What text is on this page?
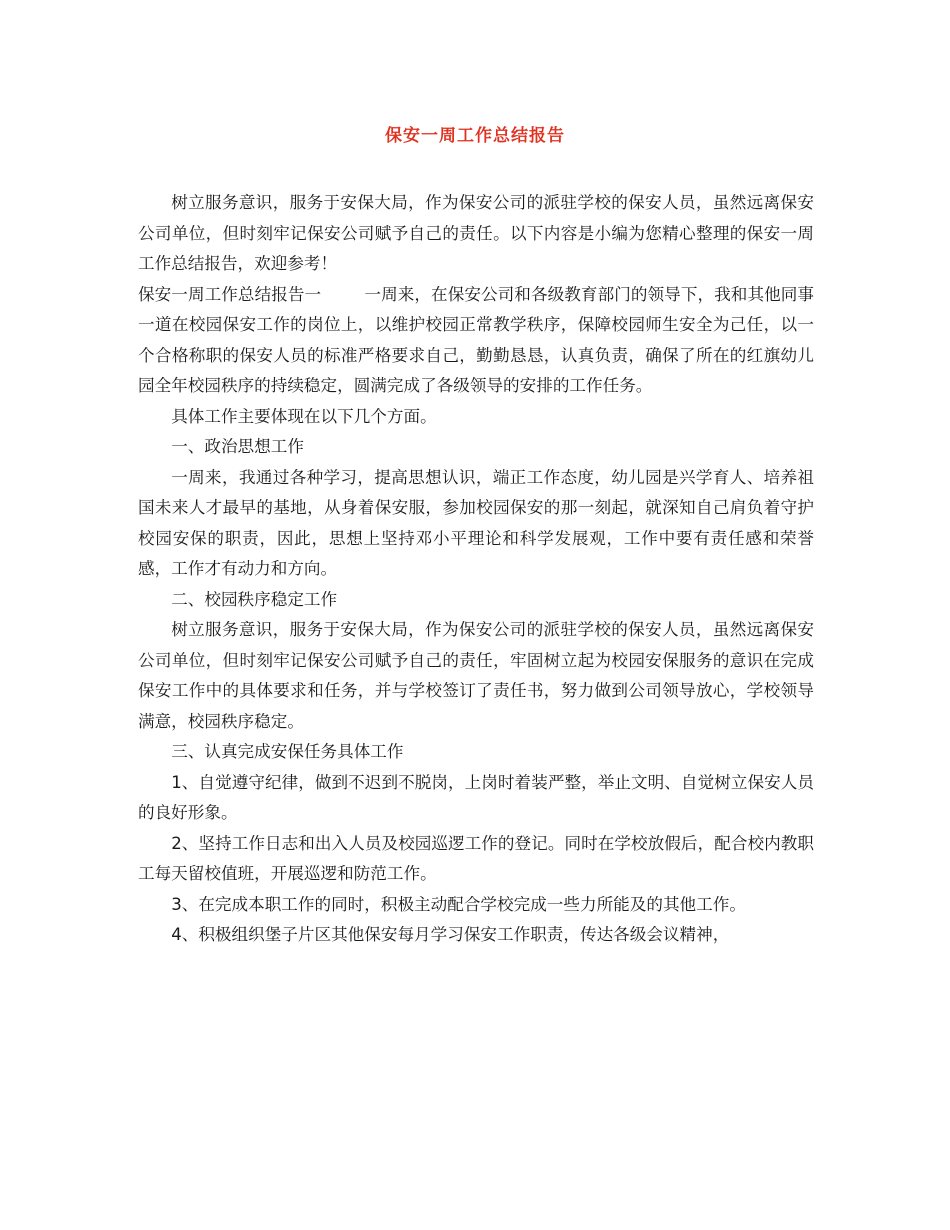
保安一周工作总结报告

树立服务意识，服务于安保大局，作为保安公司的派驻学校的保安人员，虽然远离保安公司单位，但时刻牢记保安公司赋予自己的责任。以下内容是小编为您精心整理的保安一周工作总结报告，欢迎参考！

保安一周工作总结报告一	一周来，在保安公司和各级教育部门的领导下，我和其他同事一道在校园保安工作的岗位上，以维护校园正常教学秩序，保障校园师生安全为己任，以一个合格称职的保安人员的标准严格要求自己，勤勤恳恳，认真负责，确保了所在的红旗幼儿园全年校园秩序的持续稳定，圆满完成了各级领导的安排的工作任务。

具体工作主要体现在以下几个方面。

一、政治思想工作

一周来，我通过各种学习，提高思想认识，端正工作态度，幼儿园是兴学育人、培养祖国未来人才最早的基地，从身着保安服，参加校园保安的那一刻起，就深知自己肩负着守护校园安保的职责，因此，思想上坚持邓小平理论和科学发展观，工作中要有责任感和荣誉感，工作才有动力和方向。

二、校园秩序稳定工作

树立服务意识，服务于安保大局，作为保安公司的派驻学校的保安人员，虽然远离保安公司单位，但时刻牢记保安公司赋予自己的责任，牢固树立起为校园安保服务的意识在完成保安工作中的具体要求和任务，并与学校签订了责任书，努力做到公司领导放心，学校领导满意，校园秩序稳定。

三、认真完成安保任务具体工作

1、自觉遵守纪律，做到不迟到不脱岗，上岗时着装严整，举止文明、自觉树立保安人员的良好形象。

2、坚持工作日志和出入人员及校园巡逻工作的登记。同时在学校放假后，配合校内教职工每天留校值班，开展巡逻和防范工作。

3、在完成本职工作的同时，积极主动配合学校完成一些力所能及的其他工作。

4、积极组织堡子片区其他保安每月学习保安工作职责，传达各级会议精神，
